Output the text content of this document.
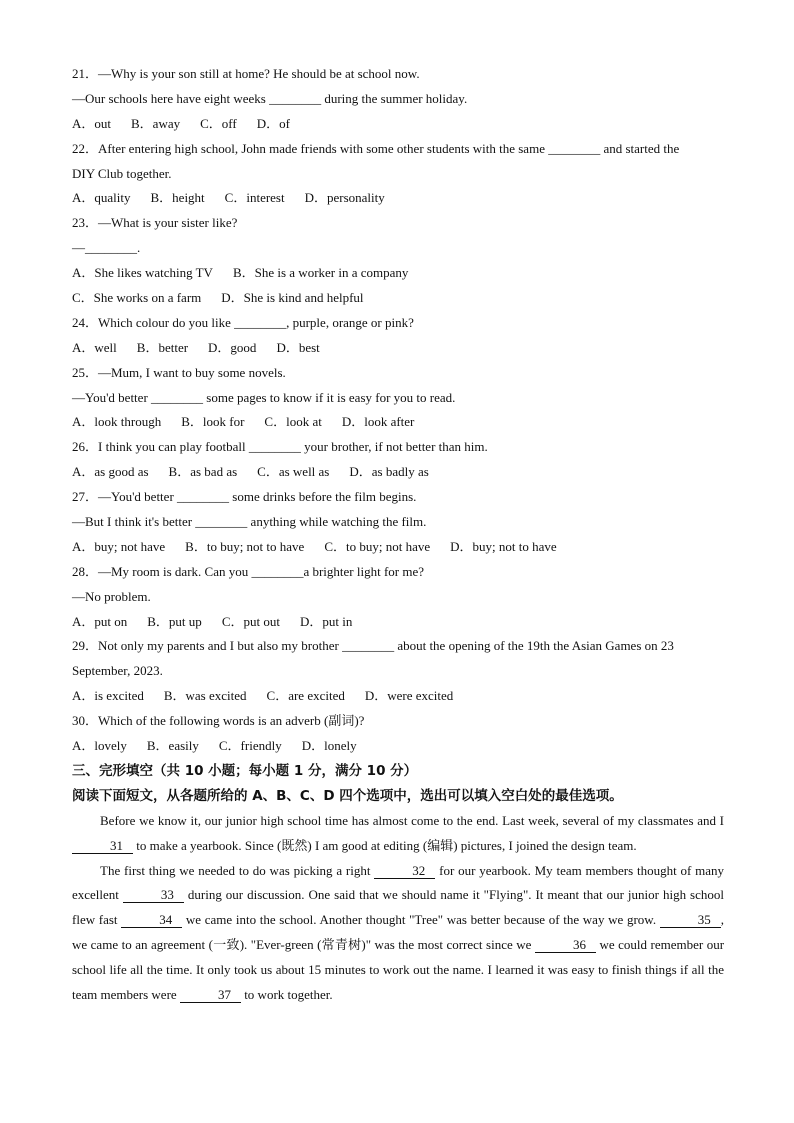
21．—Why is your son still at home? He should be at school now.
—Our schools here have eight weeks ________ during the summer holiday.
A．out B．away C．off D．of
22．After entering high school, John made friends with some other students with the same ________ and started the
DIY Club together.
A．quality B．height C．interest D．personality
23．—What is your sister like?
—________.
A．She likes watching TV B．She is a worker in a company
C．She works on a farm D．She is kind and helpful
24．Which colour do you like ________, purple, orange or pink?
A．well B．better D．good D．best
25．—Mum, I want to buy some novels.
—You'd better ________ some pages to know if it is easy for you to read.
A．look through B．look for C．look at D．look after
26．I think you can play football ________ your brother, if not better than him.
A．as good as B．as bad as C．as well as D．as badly as
27．—You'd better ________ some drinks before the film begins.
—But I think it's better ________ anything while watching the film.
A．buy; not have B．to buy; not to have C．to buy; not have D．buy; not to have
28．—My room is dark. Can you ________a brighter light for me?
—No problem.
A．put on B．put up C．put out D．put in
29．Not only my parents and I but also my brother ________ about the opening of the 19th the Asian Games on 23
September, 2023.
A．is excited B．was excited C．are excited D．were excited
30．Which of the following words is an adverb (副词)?
A．lovely B．easily C．friendly D．lonely
三、完形填空（共 10 小题；每小题 1 分，满分 10 分）
阅读下面短文，从各题所给的 A、B、C、D 四个选项中，选出可以填入空白处的最佳选项。
Before we know it, our junior high school time has almost come to the end. Last week, several of my classmates and I 31 to make a yearbook. Since (既然) I am good at editing (编辑) pictures, I joined the design team.
The first thing we needed to do was picking a right	32 for our yearbook. My team members thought of many excellent	33 during our discussion. One said that we should name it "Flying". It meant that our junior high school flew fast	34 we came into the school. Another thought "Tree" was better because of the way we grow.	35 , we came to an agreement (一致). "Ever-green (常青树)" was the most correct since we	36 we could remember our school life all the time. It only took us about 15 minutes to work out the name. I learned it was easy to finish things if all the team members were	37 to work together.
